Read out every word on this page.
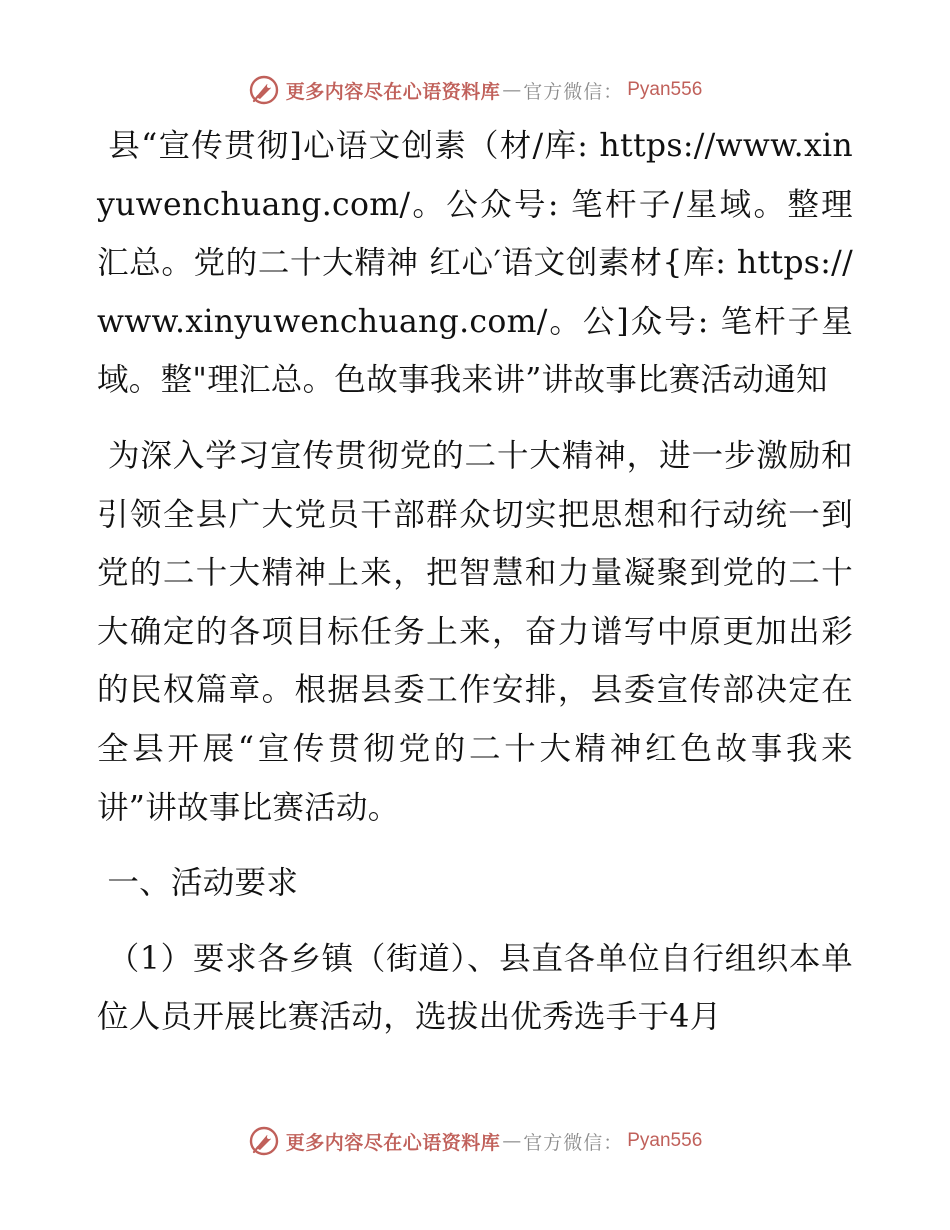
更多内容尽在心语资料库 — 官方微信： Pyan556

县“宣传贯彻]心语文创素（材/库: https://www.xinyuwenchuang.com/。公众号: 笔杆子/星域。整理汇总。党的二十大精神 红心′语文创素材{库: https://www.xinyuwenchuang.com/。公]众号: 笔杆子星域。整"理汇总。色故事我来讲”讲故事比赛活动通知

为深入学习宣传贯彻党的二十大精神，进一步激励和引领全县广大党员干部群众切实把思想和行动统一到党的二十大精神上来，把智慧和力量凝聚到党的二十大确定的各项目标任务上来，奋力谱写中原更加出彩的民权篇章。根据县委工作安排，县委宣传部决定在全县开展“宣传贯彻党的二十大精神红色故事我来讲”讲故事比赛活动。

一、活动要求

（1）要求各乡镇（街道）、县直各单位自行组织本单位人员开展比赛活动，选拔出优秀选手于4月

更多内容尽在心语资料库 — 官方微信： Pyan556
